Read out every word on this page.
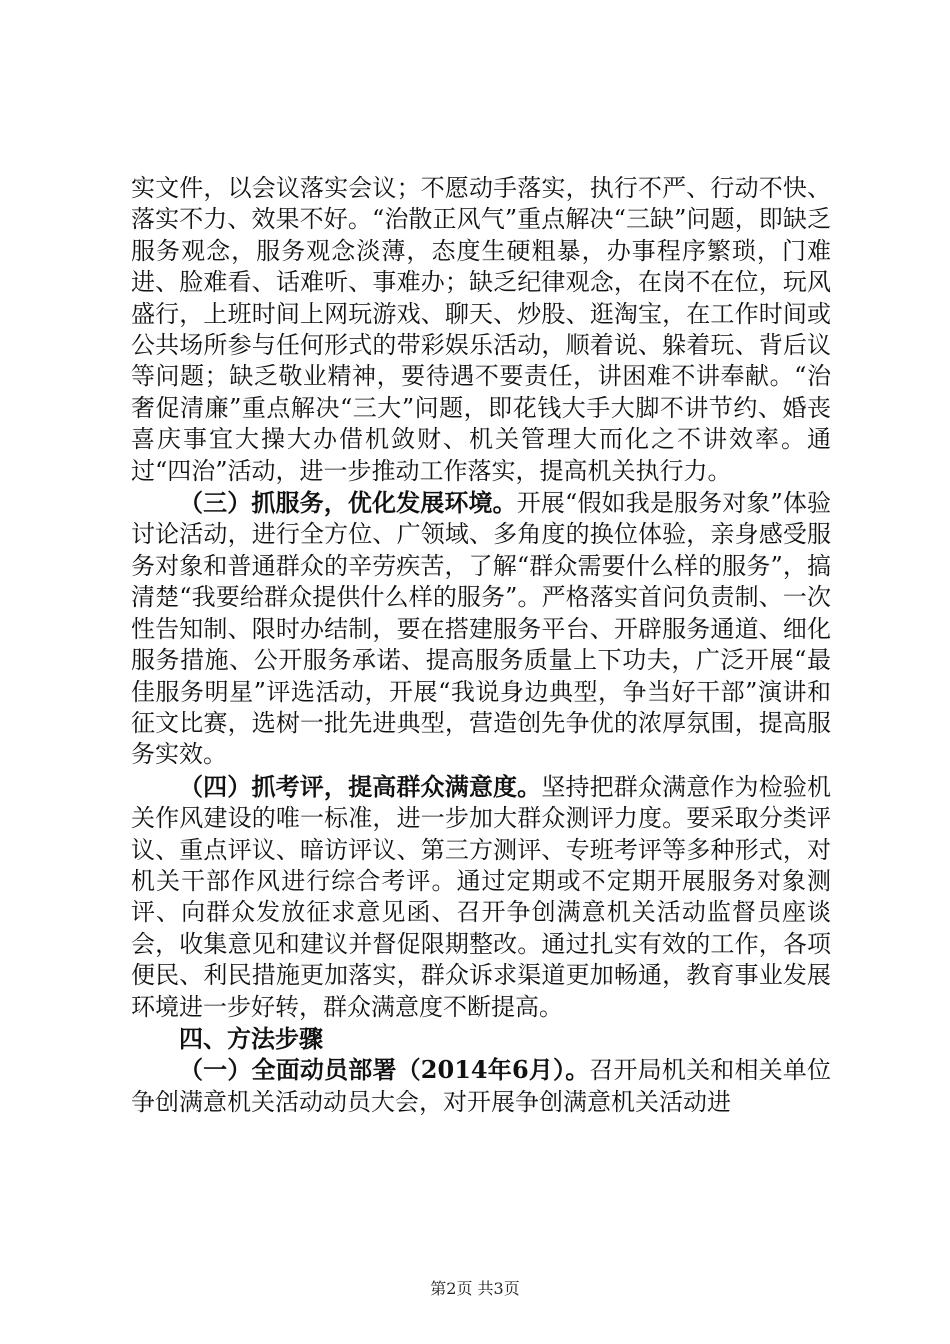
实文件，以会议落实会议；不愿动手落实，执行不严、行动不快、落实不力、效果不好。“治散正风气”重点解决“三缺”问题，即缺乏服务观念，服务观念淡薄，态度生硬粗暴，办事程序繁琐，门难进、脸难看、话难听、事难办；缺乏纪律观念，在岗不在位，玩风盛行，上班时间上网玩游戏、聊天、炒股、逛淘宝，在工作时间或公共场所参与任何形式的带彩娱乐活动，顺着说、躲着玩、背后议等问题；缺乏敬业精神，要待遇不要责任，讲困难不讲奉献。“治奢促清廉”重点解决“三大”问题，即花钱大手大脚不讲节约、婚丧喜庆事宜大操大办借机敛财、机关管理大而化之不讲效率。通过“四治”活动，进一步推动工作落实，提高机关执行力。

（三）抓服务，优化发展环境。开展“假如我是服务对象”体验讨论活动，进行全方位、广领域、多角度的换位体验，亲身感受服务对象和普通群众的辛劳疾苦，了解“群众需要什么样的服务”，搞清楚“我要给群众提供什么样的服务”。严格落实首问负责制、一次性告知制、限时办结制，要在搭建服务平台、开辟服务通道、细化服务措施、公开服务承诺、提高服务质量上下功夫，广泛开展“最佳服务明星”评选活动，开展“我说身边典型，争当好干部”演讲和征文比赛，选树一批先进典型，营造创先争优的浓厚氛围，提高服务实效。

（四）抓考评，提高群众满意度。坚持把群众满意作为检验机关作风建设的唯一标准，进一步加大群众测评力度。要采取分类评议、重点评议、暗访评议、第三方测评、专班考评等多种形式，对机关干部作风进行综合考评。通过定期或不定期开展服务对象测评、向群众发放征求意见函、召开争创满意机关活动监督员座谈会，收集意见和建议并督促限期整改。通过扎实有效的工作，各项便民、利民措施更加落实，群众诉求渠道更加畅通，教育事业发展环境进一步好转，群众满意度不断提高。

四、方法步骤

（一）全面动员部署（2014年6月）。召开局机关和相关单位争创满意机关活动动员大会，对开展争创满意机关活动进

第2页 共3页
